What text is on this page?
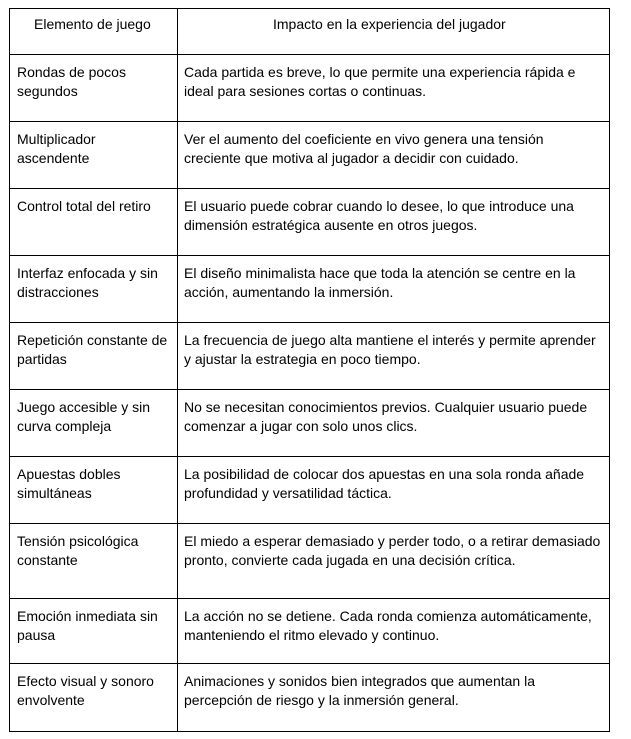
Elemento de juego	Impacto en la experiencia del jugador
Rondas de pocos segundos	Cada partida es breve, lo que permite una experiencia rápida e ideal para sesiones cortas o continuas.
Multiplicador ascendente	Ver el aumento del coeficiente en vivo genera una tensión creciente que motiva al jugador a decidir con cuidado.
Control total del retiro	El usuario puede cobrar cuando lo desee, lo que introduce una dimensión estratégica ausente en otros juegos.
Interfaz enfocada y sin distracciones	El diseño minimalista hace que toda la atención se centre en la acción, aumentando la inmersión.
Repetición constante de partidas	La frecuencia de juego alta mantiene el interés y permite aprender y ajustar la estrategia en poco tiempo.
Juego accesible y sin curva compleja	No se necesitan conocimientos previos. Cualquier usuario puede comenzar a jugar con solo unos clics.
Apuestas dobles simultáneas	La posibilidad de colocar dos apuestas en una sola ronda añade profundidad y versatilidad táctica.
Tensión psicológica constante	El miedo a esperar demasiado y perder todo, o a retirar demasiado pronto, convierte cada jugada en una decisión crítica.
Emoción inmediata sin pausa	La acción no se detiene. Cada ronda comienza automáticamente, manteniendo el ritmo elevado y continuo.
Efecto visual y sonoro envolvente	Animaciones y sonidos bien integrados que aumentan la percepción de riesgo y la inmersión general.
